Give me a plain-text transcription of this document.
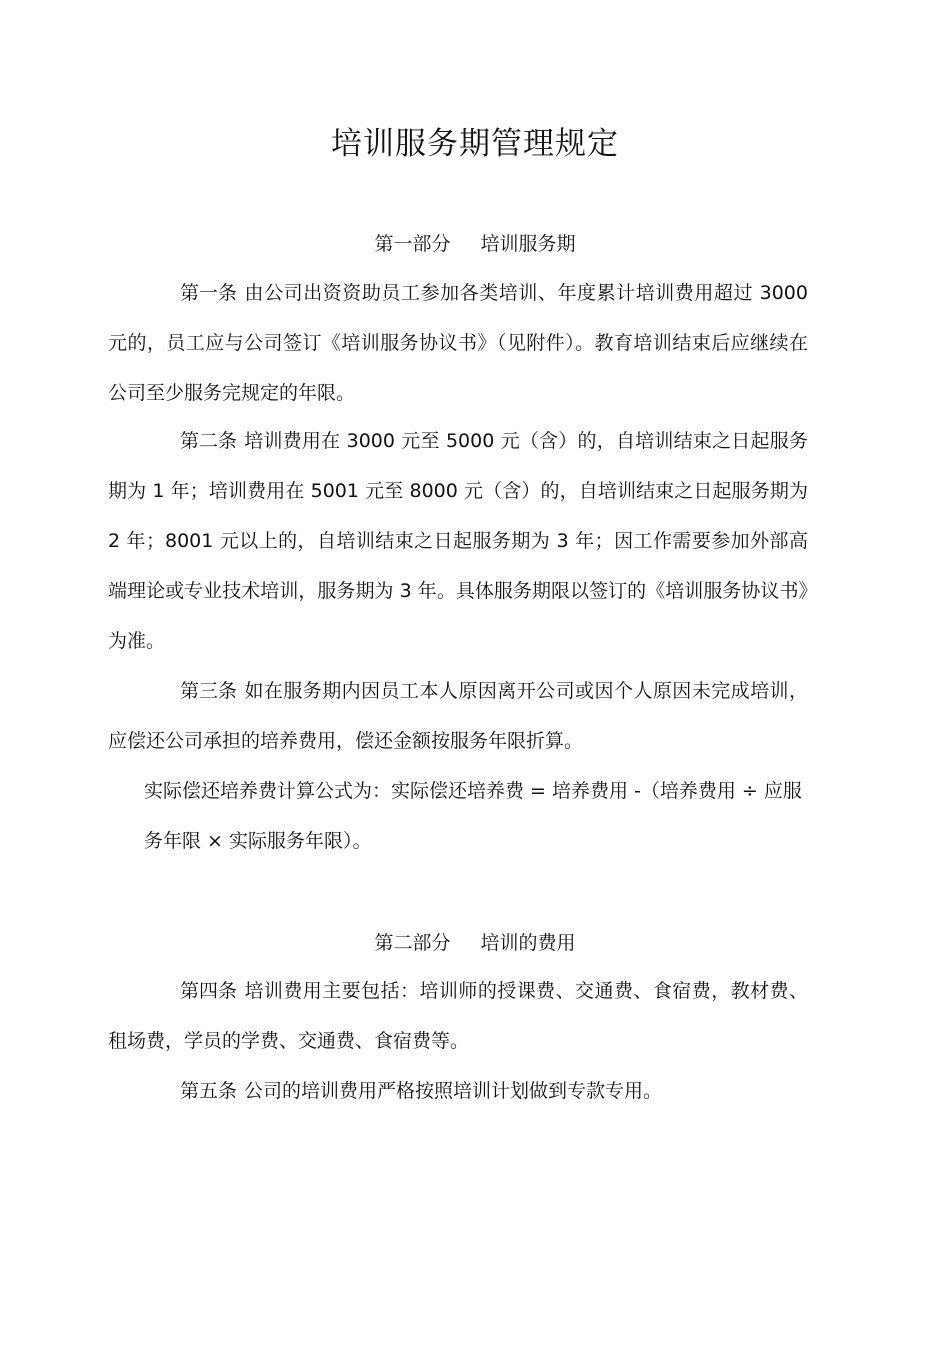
培训服务期管理规定
第一部分 培训服务期
第一条 由公司出资资助员工参加各类培训、年度累计培训费用超过 3000元的，员工应与公司签订《培训服务协议书》（见附件）。教育培训结束后应继续在公司至少服务完规定的年限。
第二条 培训费用在 3000 元至 5000 元（含）的，自培训结束之日起服务期为 1 年；培训费用在 5001 元至 8000 元（含）的，自培训结束之日起服务期为 2 年；8001 元以上的，自培训结束之日起服务期为 3 年；因工作需要参加外部高端理论或专业技术培训，服务期为 3 年。具体服务期限以签订的《培训服务协议书》为准。
第三条 如在服务期内因员工本人原因离开公司或因个人原因未完成培训，应偿还公司承担的培养费用，偿还金额按服务年限折算。
实际偿还培养费计算公式为：实际偿还培养费 = 培养费用 -（培养费用 ÷ 应服务年限 × 实际服务年限）。
第二部分 培训的费用
第四条 培训费用主要包括：培训师的授课费、交通费、食宿费，教材费、租场费，学员的学费、交通费、食宿费等。
第五条 公司的培训费用严格按照培训计划做到专款专用。
